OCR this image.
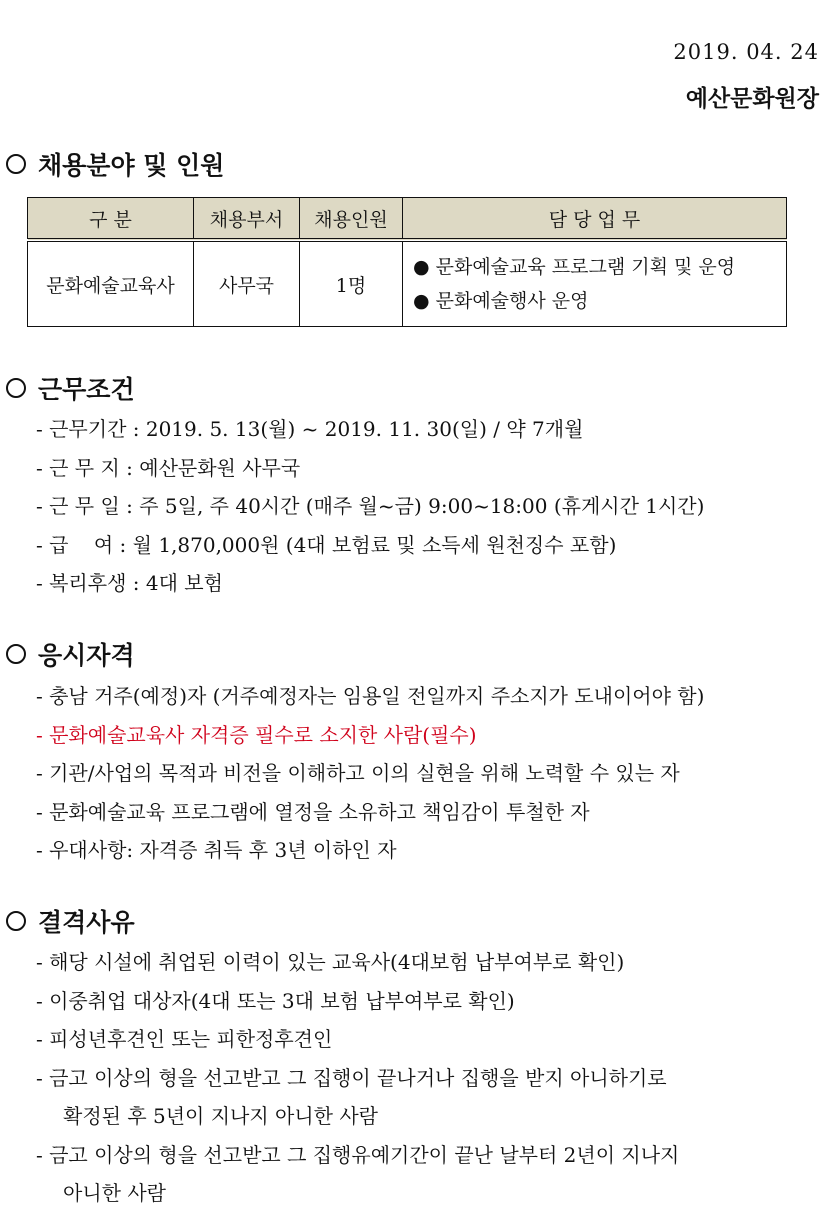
2019. 04. 24
예산문화원장
채용분야 및 인원
구 분	채용부서	채용인원	담 당 업 무
문화예술교육사	사무국	1명	● 문화예술교육 프로그램 기획 및 운영
● 문화예술행사 운영
근무조건
- 근무기간 : 2019. 5. 13(월) ~ 2019. 11. 30(일) / 약 7개월
- 근 무 지 : 예산문화원 사무국
- 근 무 일 : 주 5일, 주 40시간 (매주 월~금) 9:00~18:00 (휴게시간 1시간)
- 급    여 : 월 1,870,000원 (4대 보험료 및 소득세 원천징수 포함)
- 복리후생 : 4대 보험
응시자격
- 충남 거주(예정)자 (거주예정자는 임용일 전일까지 주소지가 도내이어야 함)
- 문화예술교육사 자격증 필수로 소지한 사람(필수)
- 기관/사업의 목적과 비전을 이해하고 이의 실현을 위해 노력할 수 있는 자
- 문화예술교육 프로그램에 열정을 소유하고 책임감이 투철한 자
- 우대사항: 자격증 취득 후 3년 이하인 자
결격사유
- 해당 시설에 취업된 이력이 있는 교육사(4대보험 납부여부로 확인)
- 이중취업 대상자(4대 또는 3대 보험 납부여부로 확인)
- 피성년후견인 또는 피한정후견인
- 금고 이상의 형을 선고받고 그 집행이 끝나거나 집행을 받지 아니하기로
확정된 후 5년이 지나지 아니한 사람
- 금고 이상의 형을 선고받고 그 집행유예기간이 끝난 날부터 2년이 지나지
아니한 사람
